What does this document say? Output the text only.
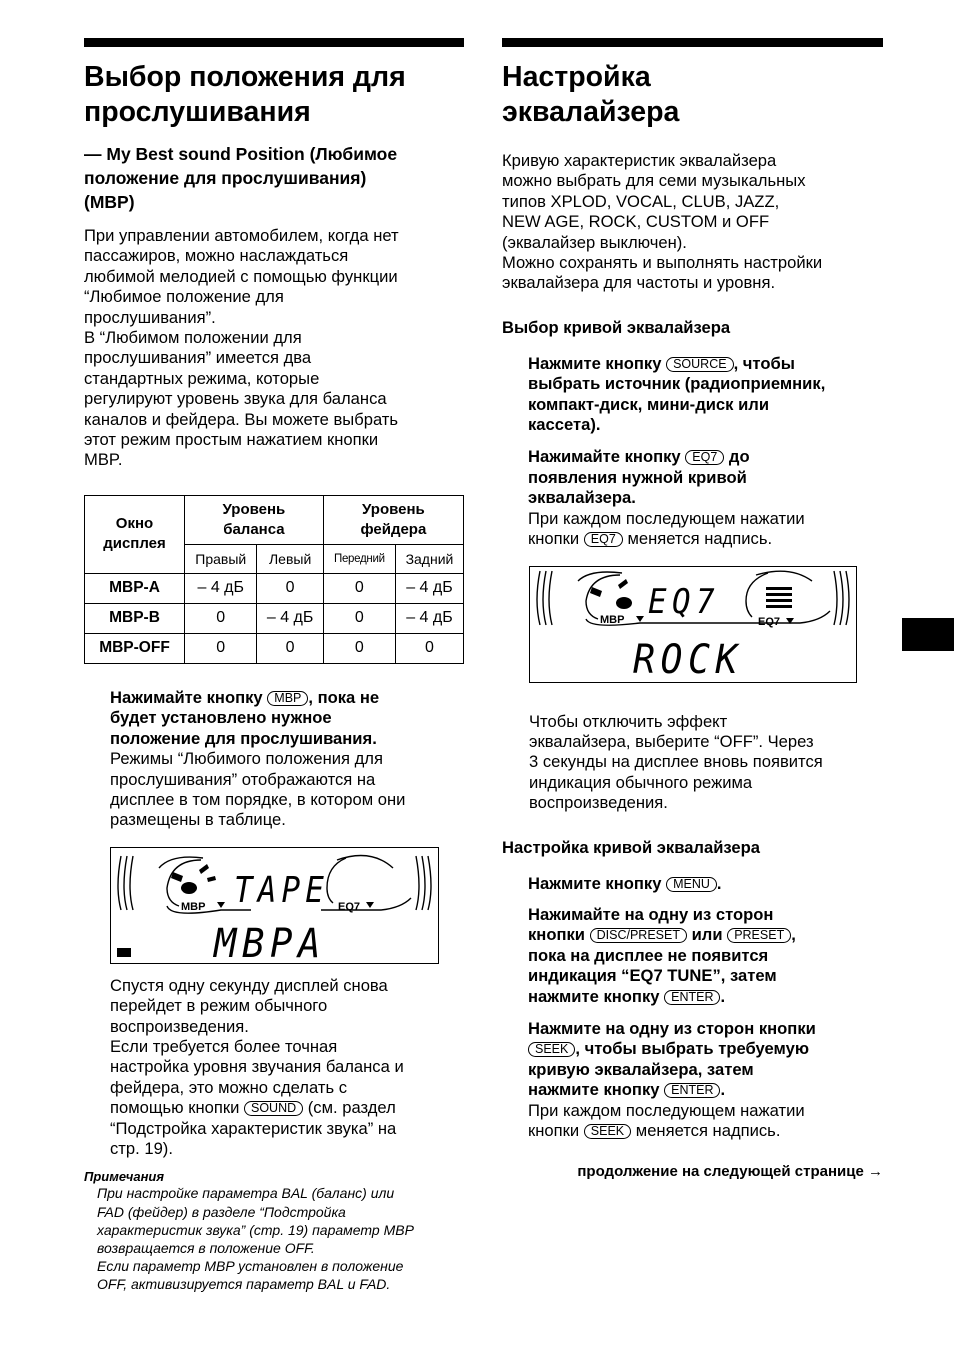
Выбор положения для
прослушивания
— My Best sound Position (Любимое
положение для прослушивания)
(MBP)
При управлении автомобилем, когда нет
пассажиров, можно наслаждаться
любимой мелодией с помощью функции
“Любимое положение для
прослушивания”.
В “Любимом положении для
прослушивания” имеется два
стандартных режима, которые
регулируют уровень звука для баланса
каналов и фейдера. Вы можете выбрать
этот режим простым нажатием кнопки
MBP.
Окно
дисплея	Уровень
баланса		Уровень
фейдера	
	Правый	Левый	Передний	Задний
MBP-A	– 4 дБ	0	0	– 4 дБ
MBP-B	0	– 4 дБ	0	– 4 дБ
MBP-OFF	0	0	0	0
Нажимайте кнопку MBP , пока не
будет установлено нужное
положение для прослушивания.
Режимы “Любимого положения для
прослушивания” отображаются на
дисплее в том порядке, в котором они
размещены в таблице.
MBP	EQ7
TAPE
MBPA
Спустя одну секунду дисплей снова
перейдет в режим обычного
воспроизведения.
Если требуется более точная
настройка уровня звучания баланса и
фейдера, это можно сделать с
помощью кнопки SOUND (см. раздел
“Подстройка характеристик звука” на
стр. 19).
Примечания
При настройке параметра BAL (баланс) или
FAD (фейдер) в разделе “Подстройка
характеристик звука” (стр. 19) параметр MBP
возвращается в положение OFF.
Если параметр MBP установлен в положение
OFF, активизируется параметр BAL и FAD.
Настройка
эквалайзера
Кривую характеристик эквалайзера
можно выбрать для семи музыкальных
типов XPLOD, VOCAL, CLUB, JAZZ,
NEW AGE, ROCK, CUSTOM и OFF
(эквалайзер выключен).
Можно сохранять и выполнять настройки
эквалайзера для частоты и уровня.
Выбор кривой эквалайзера
Нажмите кнопку SOURCE , чтобы
выбрать источник (радиоприемник,
компакт-диск, мини-диск или
кассета).
Нажимайте кнопку EQ7 до
появления нужной кривой
эквалайзера.
При каждом последующем нажатии
кнопки EQ7 меняется надпись.
MBP	EQ7
EQ7
ROCK
Чтобы отключить эффект
эквалайзера, выберите “OFF”. Через
3 секунды на дисплее вновь появится
индикация обычного режима
воспроизведения.
Настройка кривой эквалайзера
Нажмите кнопку MENU .
Нажимайте на одну из сторон
кнопки DISC/PRESET или PRESET ,
пока на дисплее не появится
индикация “EQ7 TUNE”, затем
нажмите кнопку ENTER .
Нажмите на одну из сторон кнопки
SEEK , чтобы выбрать требуемую
кривую эквалайзера, затем
нажмите кнопку ENTER .
При каждом последующем нажатии
кнопки SEEK меняется надпись.
продолжение на следующей странице →
